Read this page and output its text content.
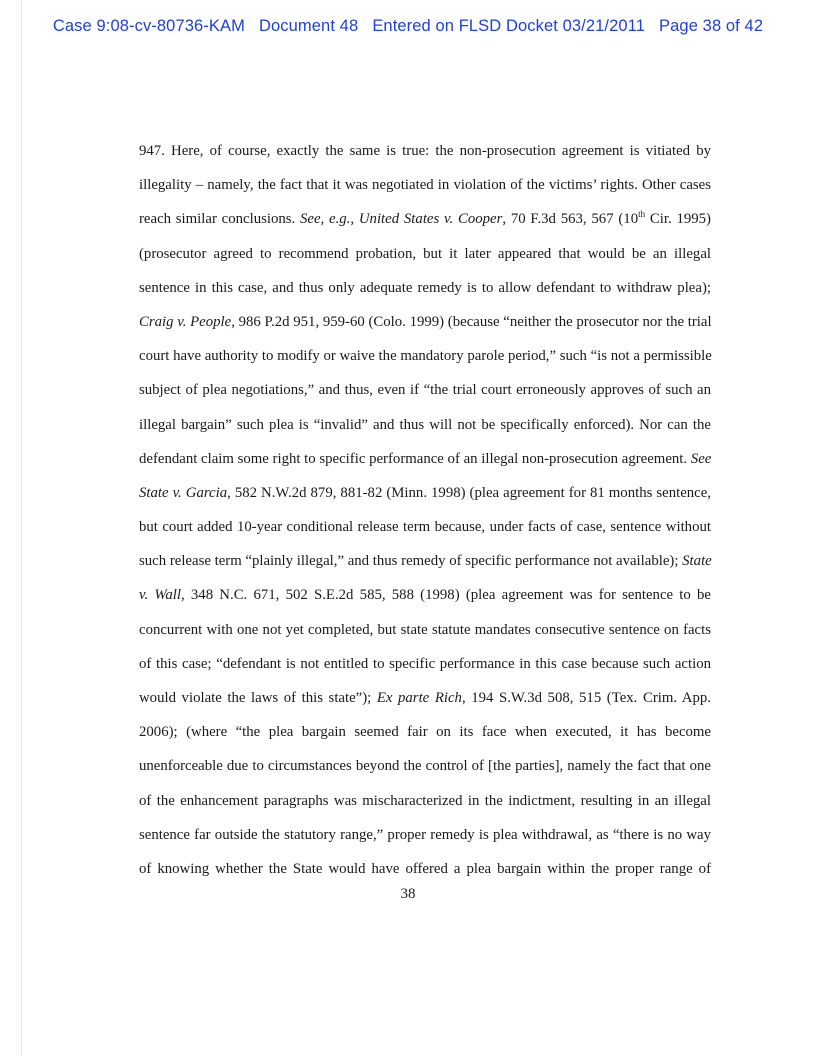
Case 9:08-cv-80736-KAM Document 48 Entered on FLSD Docket 03/21/2011 Page 38 of 42
947. Here, of course, exactly the same is true: the non-prosecution agreement is vitiated by
illegality – namely, the fact that it was negotiated in violation of the victims’ rights. Other cases
reach similar conclusions. See, e.g., United States v. Cooper, 70 F.3d 563, 567 (10th Cir. 1995)
(prosecutor agreed to recommend probation, but it later appeared that would be an illegal
sentence in this case, and thus only adequate remedy is to allow defendant to withdraw plea);
Craig v. People, 986 P.2d 951, 959-60 (Colo. 1999) (because “neither the prosecutor nor the trial
court have authority to modify or waive the mandatory parole period,” such “is not a permissible
subject of plea negotiations,” and thus, even if “the trial court erroneously approves of such an
illegal bargain” such plea is “invalid” and thus will not be specifically enforced). Nor can the
defendant claim some right to specific performance of an illegal non-prosecution agreement. See
State v. Garcia, 582 N.W.2d 879, 881-82 (Minn. 1998) (plea agreement for 81 months sentence,
but court added 10-year conditional release term because, under facts of case, sentence without
such release term “plainly illegal,” and thus remedy of specific performance not available); State
v. Wall, 348 N.C. 671, 502 S.E.2d 585, 588 (1998) (plea agreement was for sentence to be
concurrent with one not yet completed, but state statute mandates consecutive sentence on facts
of this case; “defendant is not entitled to specific performance in this case because such action
would violate the laws of this state”); Ex parte Rich, 194 S.W.3d 508, 515 (Tex. Crim. App.
2006); (where “the plea bargain seemed fair on its face when executed, it has become
unenforceable due to circumstances beyond the control of [the parties], namely the fact that one
of the enhancement paragraphs was mischaracterized in the indictment, resulting in an illegal
sentence far outside the statutory range,” proper remedy is plea withdrawal, as “there is no way
of knowing whether the State would have offered a plea bargain within the proper range of
38
